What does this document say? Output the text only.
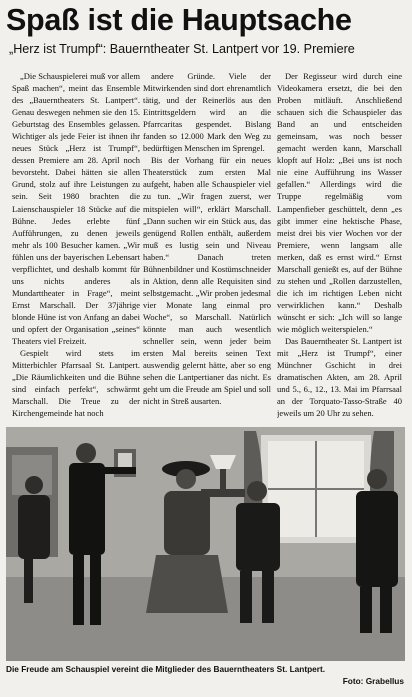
Spaß ist die Hauptsache
„Herz ist Trumpf“: Bauerntheater St. Lantpert vor 19. Premiere

„Die Schauspielerei muß vor allem Spaß machen“, meint das Ensemble des „Bauerntheaters St. Lantpert“. Genau deswegen nehmen sie den 15. Geburtstag des Ensembles gelassen. Wichtiger als jede Feier ist ihnen ihr neues Stück „Herz ist Trumpf“, dessen Premiere am 28. April noch bevorsteht. Dabei hätten sie allen Grund, stolz auf ihre Leistungen zu sein. Seit 1980 brachten die Laienschauspieler 18 Stücke auf die Bühne. Jedes erlebte fünf Aufführungen, zu denen jeweils mehr als 100 Besucher kamen. „Wir fühlen uns der bayerischen Lebensart verpflichtet, und deshalb kommt für uns nichts anderes als Mundarttheater in Frage“, meint Ernst Marschall. Der 37jährige blonde Hüne ist von Anfang an dabei und opfert der Organisation „seines“ Theaters viel Freizeit.

Gespielt wird stets im Mitterbichler Pfarrsaal St. Lantpert. „Die Räumlichkeiten und die Bühne sind einfach perfekt“, schwärmt Marschall. Die Treue zu der Kirchengemeinde hat noch

andere Gründe. Viele der Mitwirkenden sind dort ehrenamtlich tätig, und der Reinerlös aus den Eintrittsgeldern wird an die Pfarrcaritas gespendet. Bislang fanden so 12.000 Mark den Weg zu bedürftigen Menschen im Sprengel.

Bis der Vorhang für ein neues Theaterstück zum ersten Mal aufgeht, haben alle Schauspieler viel zu tun. „Wir fragen zuerst, wer mitspielen will“, erklärt Marschall. „Dann suchen wir ein Stück aus, das genügend Rollen enthält, außerdem muß es lustig sein und Niveau haben.“ Danach treten Bühnenbildner und Kostümschneider in Aktion, denn alle Requisiten sind selbstgemacht. „Wir proben jedesmal vier Monate lang einmal pro Woche“, so Marschall. Natürlich könnte man auch wesentlich schneller sein, wenn jeder beim ersten Mal bereits seinen Text auswendig gelernt hätte, aber so eng sehen die Lantpertianer das nicht. Es geht um die Freude am Spiel und soll nicht in Streß ausarten.

Der Regisseur wird durch eine Videokamera ersetzt, die bei den Proben mitläuft. Anschließend schauen sich die Schauspieler das Band an und entscheiden gemeinsam, was noch besser gemacht werden kann, Marschall klopft auf Holz: „Bei uns ist noch nie eine Aufführung ins Wasser gefallen.“ Allerdings wird die Truppe regelmäßig vom Lampenfieber geschüttelt, denn „es gibt immer eine hektische Phase, meist drei bis vier Wochen vor der Premiere, wenn langsam alle merken, daß es ernst wird.“ Ernst Marschall genießt es, auf der Bühne zu stehen und „Rollen darzustellen, die ich im richtigen Leben nicht verwirklichen kann.“ Deshalb wünscht er sich: „Ich will so lange wie möglich weiterspielen.“

Das Bauerntheater St. Lantpert ist mit „Herz ist Trumpf“, einer Münchner Gschicht in drei dramatischen Akten, am 28. April und 5., 6., 12., 13. Mai im Pfarrsaal an der Torquato-Tasso-Straße 40 jeweils um 20 Uhr zu sehen.

Die Freude am Schauspiel vereint die Mitglieder des Bauerntheaters St. Lantpert.
Foto: Grabellus
